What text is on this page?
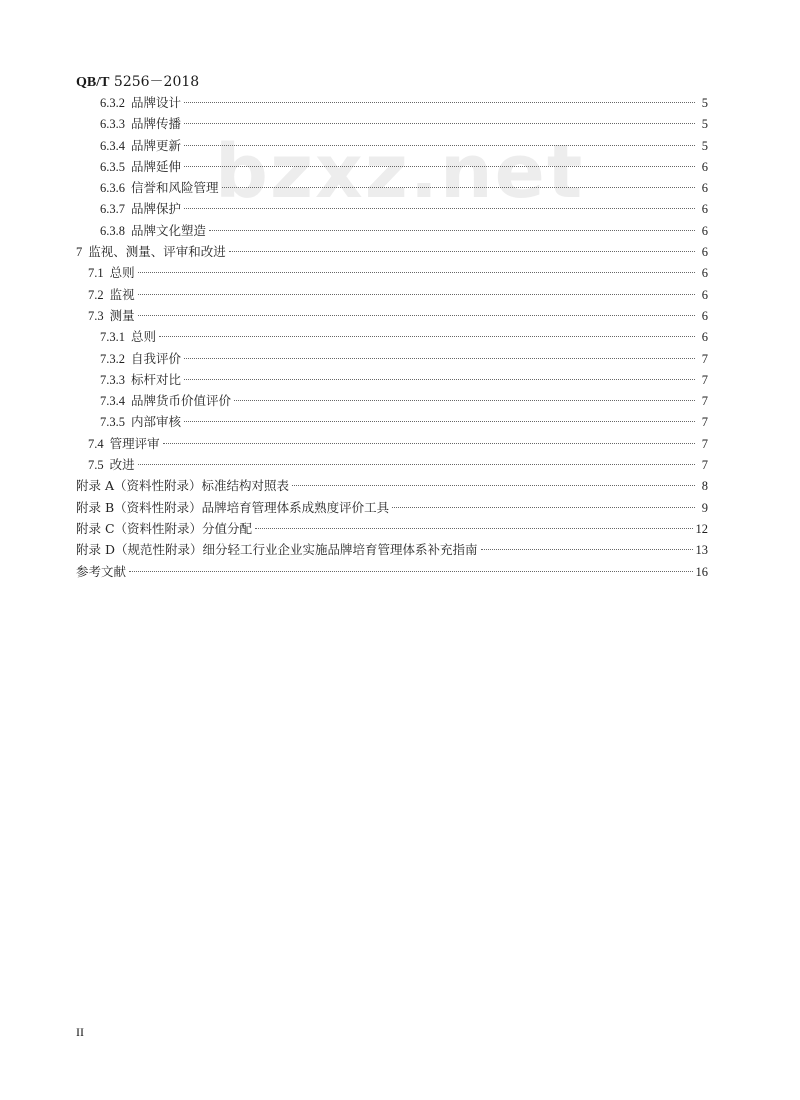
bzxz.net
QB/T 5256－2018
6.3.2 品牌设计	5
6.3.3 品牌传播	5
6.3.4 品牌更新	5
6.3.5 品牌延伸	6
6.3.6 信誉和风险管理	6
6.3.7 品牌保护	6
6.3.8 品牌文化塑造	6
7 监视、测量、评审和改进	6
7.1 总则	6
7.2 监视	6
7.3 测量	6
7.3.1 总则	6
7.3.2 自我评价	7
7.3.3 标杆对比	7
7.3.4 品牌货币价值评价	7
7.3.5 内部审核	7
7.4 管理评审	7
7.5 改进	7
附录 A（资料性附录）标准结构对照表	8
附录 B（资料性附录）品牌培育管理体系成熟度评价工具	9
附录 C（资料性附录）分值分配	12
附录 D（规范性附录）细分轻工行业企业实施品牌培育管理体系补充指南	13
参考文献	16
II
